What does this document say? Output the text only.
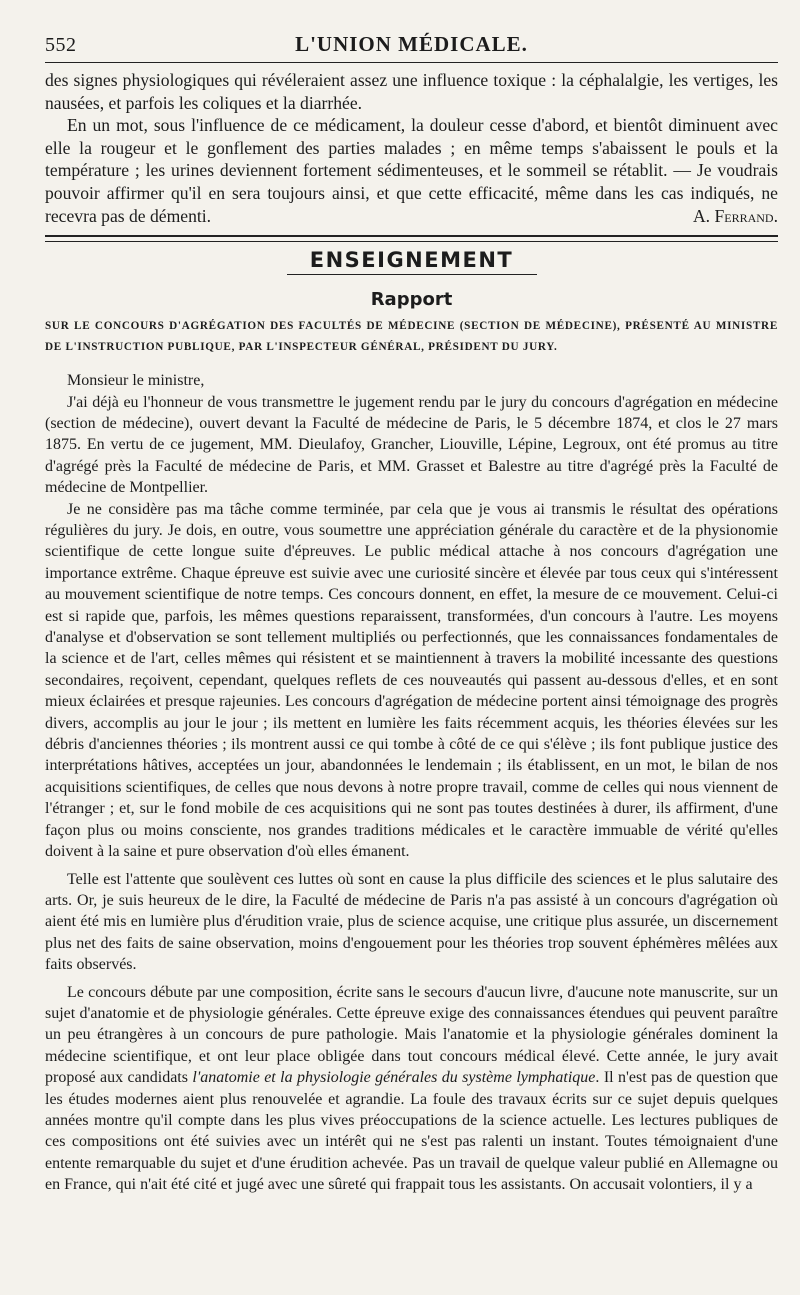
552	L'UNION MÉDICALE.

des signes physiologiques qui révéleraient assez une influence toxique : la céphalalgie, les vertiges, les nausées, et parfois les coliques et la diarrhée.

En un mot, sous l'influence de ce médicament, la douleur cesse d'abord, et bientôt diminuent avec elle la rougeur et le gonflement des parties malades ; en même temps s'abaissent le pouls et la température ; les urines deviennent fortement sédimenteuses, et le sommeil se rétablit. — Je voudrais pouvoir affirmer qu'il en sera toujours ainsi, et que cette efficacité, même dans les cas indiqués, ne recevra pas de démenti.	A. Ferrand.

ENSEIGNEMENT
Rapport
SUR LE CONCOURS D'AGRÉGATION DES FACULTÉS DE MÉDECINE (SECTION DE MÉDECINE), PRÉSENTÉ AU MINISTRE DE L'INSTRUCTION PUBLIQUE, PAR L'INSPECTEUR GÉNÉRAL, PRÉSIDENT DU JURY.

Monsieur le ministre,

J'ai déjà eu l'honneur de vous transmettre le jugement rendu par le jury du concours d'agrégation en médecine (section de médecine), ouvert devant la Faculté de médecine de Paris, le 5 décembre 1874, et clos le 27 mars 1875. En vertu de ce jugement, MM. Dieulafoy, Grancher, Liouville, Lépine, Legroux, ont été promus au titre d'agrégé près la Faculté de médecine de Paris, et MM. Grasset et Balestre au titre d'agrégé près la Faculté de médecine de Montpellier.

Je ne considère pas ma tâche comme terminée, par cela que je vous ai transmis le résultat des opérations régulières du jury. Je dois, en outre, vous soumettre une appréciation générale du caractère et de la physionomie scientifique de cette longue suite d'épreuves. Le public médical attache à nos concours d'agrégation une importance extrême. Chaque épreuve est suivie avec une curiosité sincère et élevée par tous ceux qui s'intéressent au mouvement scientifique de notre temps. Ces concours donnent, en effet, la mesure de ce mouvement. Celui-ci est si rapide que, parfois, les mêmes questions reparaissent, transformées, d'un concours à l'autre. Les moyens d'analyse et d'observation se sont tellement multipliés ou perfectionnés, que les connaissances fondamentales de la science et de l'art, celles mêmes qui résistent et se maintiennent à travers la mobilité incessante des questions secondaires, reçoivent, cependant, quelques reflets de ces nouveautés qui passent au-dessous d'elles, et en sont mieux éclairées et presque rajeunies. Les concours d'agrégation de médecine portent ainsi témoignage des progrès divers, accomplis au jour le jour ; ils mettent en lumière les faits récemment acquis, les théories élevées sur les débris d'anciennes théories ; ils montrent aussi ce qui tombe à côté de ce qui s'élève ; ils font publique justice des interprétations hâtives, acceptées un jour, abandonnées le lendemain ; ils établissent, en un mot, le bilan de nos acquisitions scientifiques, de celles que nous devons à notre propre travail, comme de celles qui nous viennent de l'étranger ; et, sur le fond mobile de ces acquisitions qui ne sont pas toutes destinées à durer, ils affirment, d'une façon plus ou moins consciente, nos grandes traditions médicales et le caractère immuable de vérité qu'elles doivent à la saine et pure observation d'où elles émanent.

Telle est l'attente que soulèvent ces luttes où sont en cause la plus difficile des sciences et le plus salutaire des arts. Or, je suis heureux de le dire, la Faculté de médecine de Paris n'a pas assisté à un concours d'agrégation où aient été mis en lumière plus d'érudition vraie, plus de science acquise, une critique plus assurée, un discernement plus net des faits de saine observation, moins d'engouement pour les théories trop souvent éphémères mêlées aux faits observés.

Le concours débute par une composition, écrite sans le secours d'aucun livre, d'aucune note manuscrite, sur un sujet d'anatomie et de physiologie générales. Cette épreuve exige des connaissances étendues qui peuvent paraître un peu étrangères à un concours de pure pathologie. Mais l'anatomie et la physiologie générales dominent la médecine scientifique, et ont leur place obligée dans tout concours médical élevé. Cette année, le jury avait proposé aux candidats l'anatomie et la physiologie générales du système lymphatique. Il n'est pas de question que les études modernes aient plus renouvelée et agrandie. La foule des travaux écrits sur ce sujet depuis quelques années montre qu'il compte dans les plus vives préoccupations de la science actuelle. Les lectures publiques de ces compositions ont été suivies avec un intérêt qui ne s'est pas ralenti un instant. Toutes témoignaient d'une entente remarquable du sujet et d'une érudition achevée. Pas un travail de quelque valeur publié en Allemagne ou en France, qui n'ait été cité et jugé avec une sûreté qui frappait tous les assistants. On accusait volontiers, il y a
